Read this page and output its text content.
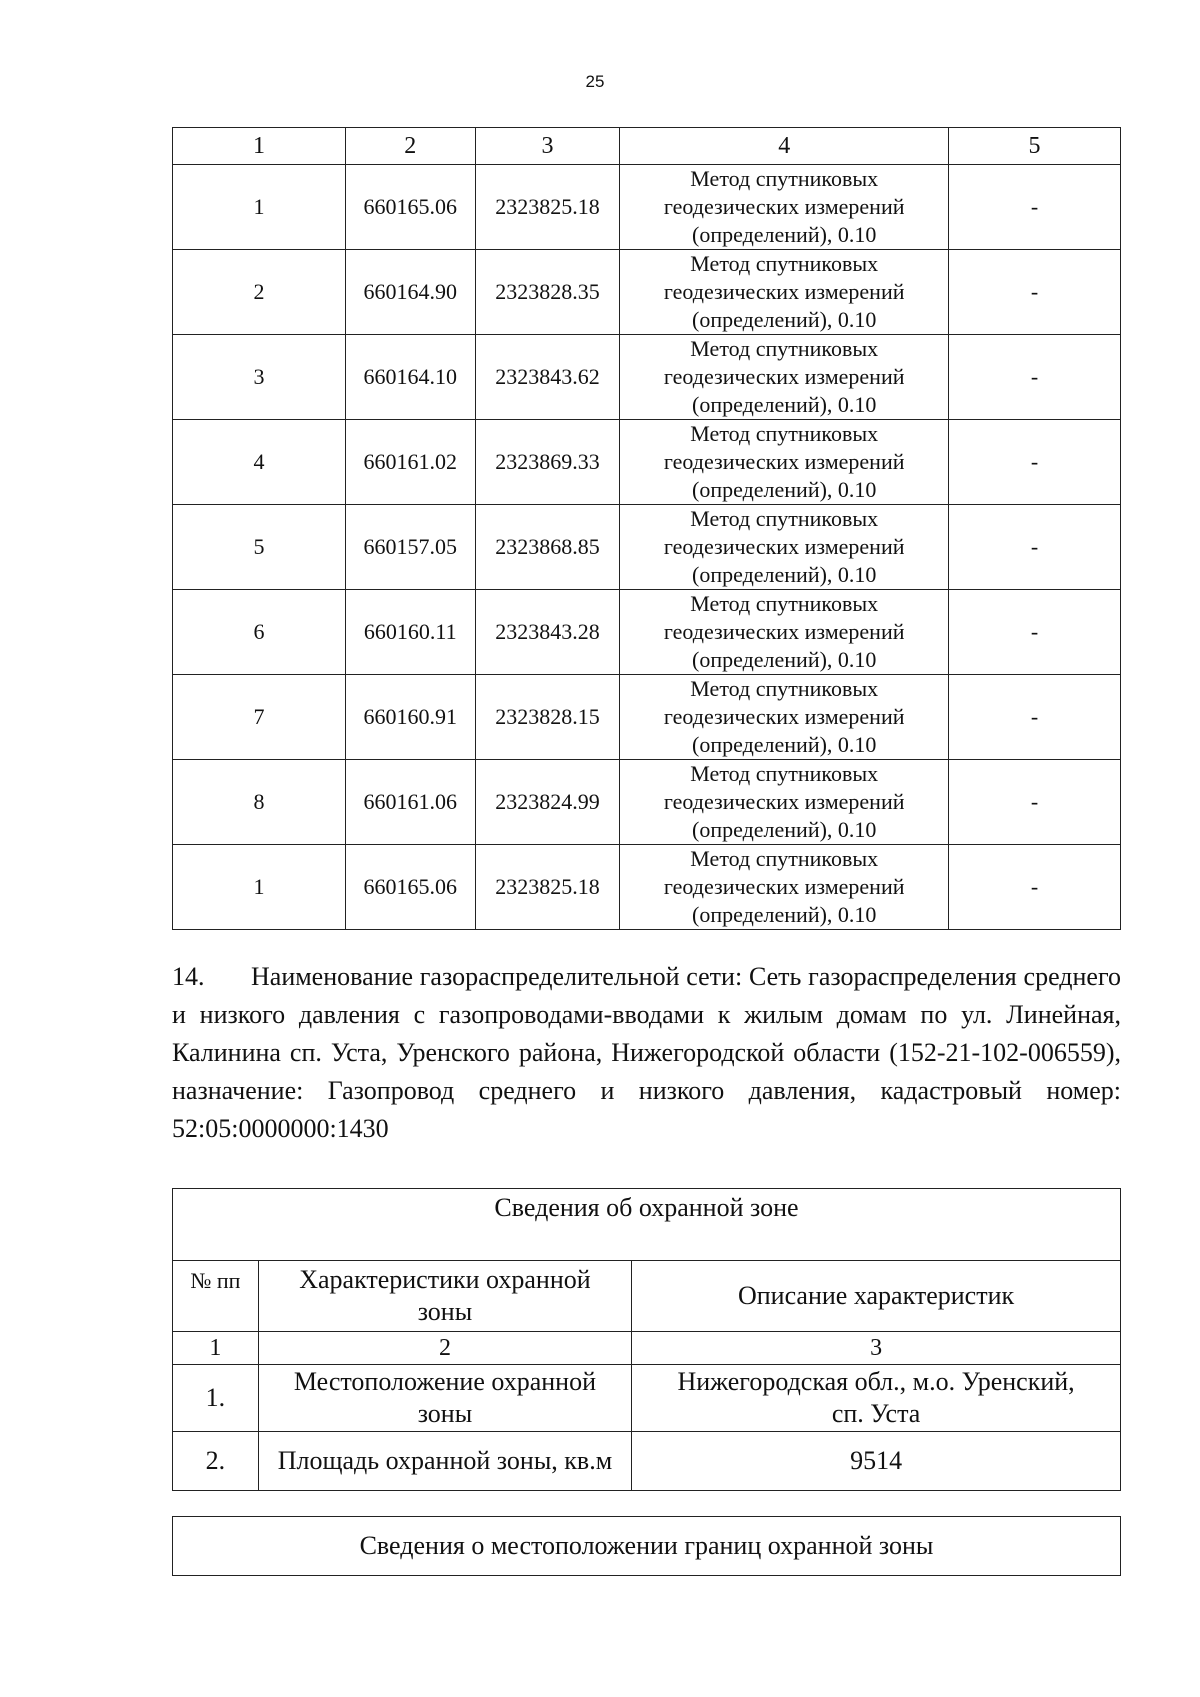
25
1	2	3	4	5
1	660165.06	2323825.18	Метод спутниковых
геодезических измерений
(определений), 0.10	-
2	660164.90	2323828.35	Метод спутниковых
геодезических измерений
(определений), 0.10	-
3	660164.10	2323843.62	Метод спутниковых
геодезических измерений
(определений), 0.10	-
4	660161.02	2323869.33	Метод спутниковых
геодезических измерений
(определений), 0.10	-
5	660157.05	2323868.85	Метод спутниковых
геодезических измерений
(определений), 0.10	-
6	660160.11	2323843.28	Метод спутниковых
геодезических измерений
(определений), 0.10	-
7	660160.91	2323828.15	Метод спутниковых
геодезических измерений
(определений), 0.10	-
8	660161.06	2323824.99	Метод спутниковых
геодезических измерений
(определений), 0.10	-
1	660165.06	2323825.18	Метод спутниковых
геодезических измерений
(определений), 0.10	-
14. Наименование газораспределительной сети: Сеть газораспределения среднего и низкого давления с газопроводами-вводами к жилым домам по ул. Линейная, Калинина сп. Уста, Уренского района, Нижегородской области (152-21-102-006559), назначение: Газопровод среднего и низкого давления, кадастровый номер: 52:05:0000000:1430
Сведения об охранной зоне		
№ пп	Характеристики охранной
зоны	Описание характеристик
1	2	3
1.	Местоположение охранной
зоны	Нижегородская обл., м.о. Уренский,
сп. Уста
2.	Площадь охранной зоны, кв.м	9514
Сведения о местоположении границ охранной зоны
